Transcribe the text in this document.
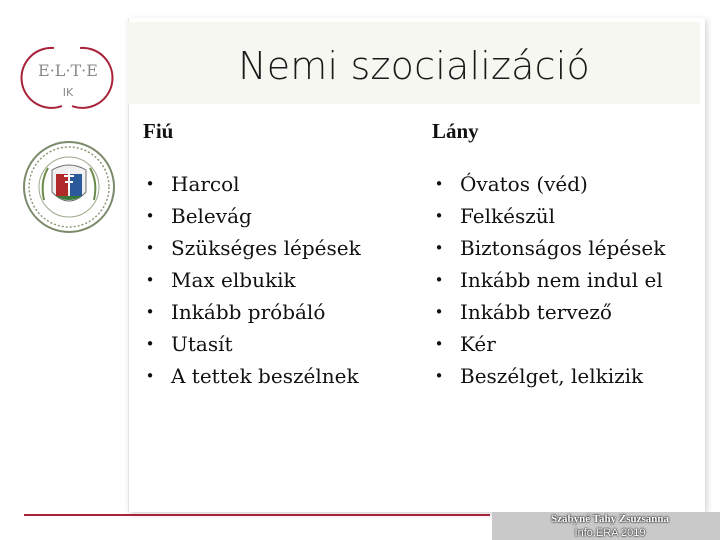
E·L·T·E
IK
Nemi szocializáció
Fiú
• Harcol
• Belevág
• Szükséges lépések
• Max elbukik
• Inkább próbáló
• Utasít
• A tettek beszélnek
Lány
• Óvatos (véd)
• Felkészül
• Biztonságos lépések
• Inkább nem indul el
• Inkább tervező
• Kér
• Beszélget, lelkizik
Szabyné Tahy Zsuzsanna
Info.ERA 2019
